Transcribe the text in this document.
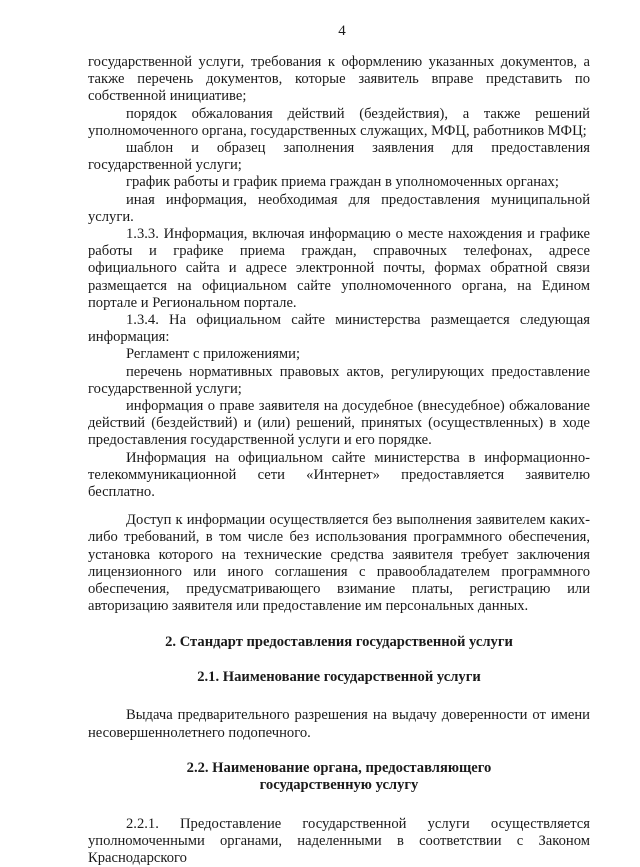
4

государственной услуги, требования к оформлению указанных документов, а также перечень документов, которые заявитель вправе представить по собственной инициативе;

порядок обжалования действий (бездействия), а также решений уполномоченного органа, государственных служащих, МФЦ, работников МФЦ;

шаблон и образец заполнения заявления для предоставления государственной услуги;

график работы и график приема граждан в уполномоченных органах;

иная информация, необходимая для предоставления муниципальной услуги.

1.3.3. Информация, включая информацию о месте нахождения и графике работы и графике приема граждан, справочных телефонах, адресе официального сайта и адресе электронной почты, формах обратной связи размещается на официальном сайте уполномоченного органа, на Едином портале и Региональном портале.

1.3.4. На официальном сайте министерства размещается следующая информация:

Регламент с приложениями;

перечень нормативных правовых актов, регулирующих предоставление государственной услуги;

информация о праве заявителя на досудебное (внесудебное) обжалование действий (бездействий) и (или) решений, принятых (осуществленных) в ходе предоставления государственной услуги и его порядке.

Информация на официальном сайте министерства в информационно-телекоммуникационной сети «Интернет» предоставляется заявителю бесплатно.

Доступ к информации осуществляется без выполнения заявителем каких-либо требований, в том числе без использования программного обеспечения, установка которого на технические средства заявителя требует заключения лицензионного или иного соглашения с правообладателем программного обеспечения, предусматривающего взимание платы, регистрацию или авторизацию заявителя или предоставление им персональных данных.

2. Стандарт предоставления государственной услуги
2.1. Наименование государственной услуги

Выдача предварительного разрешения на выдачу доверенности от имени несовершеннолетнего подопечного.

2.2. Наименование органа, предоставляющего
государственную услугу

2.2.1. Предоставление государственной услуги осуществляется уполномоченными органами, наделенными в соответствии с Законом Краснодарского
